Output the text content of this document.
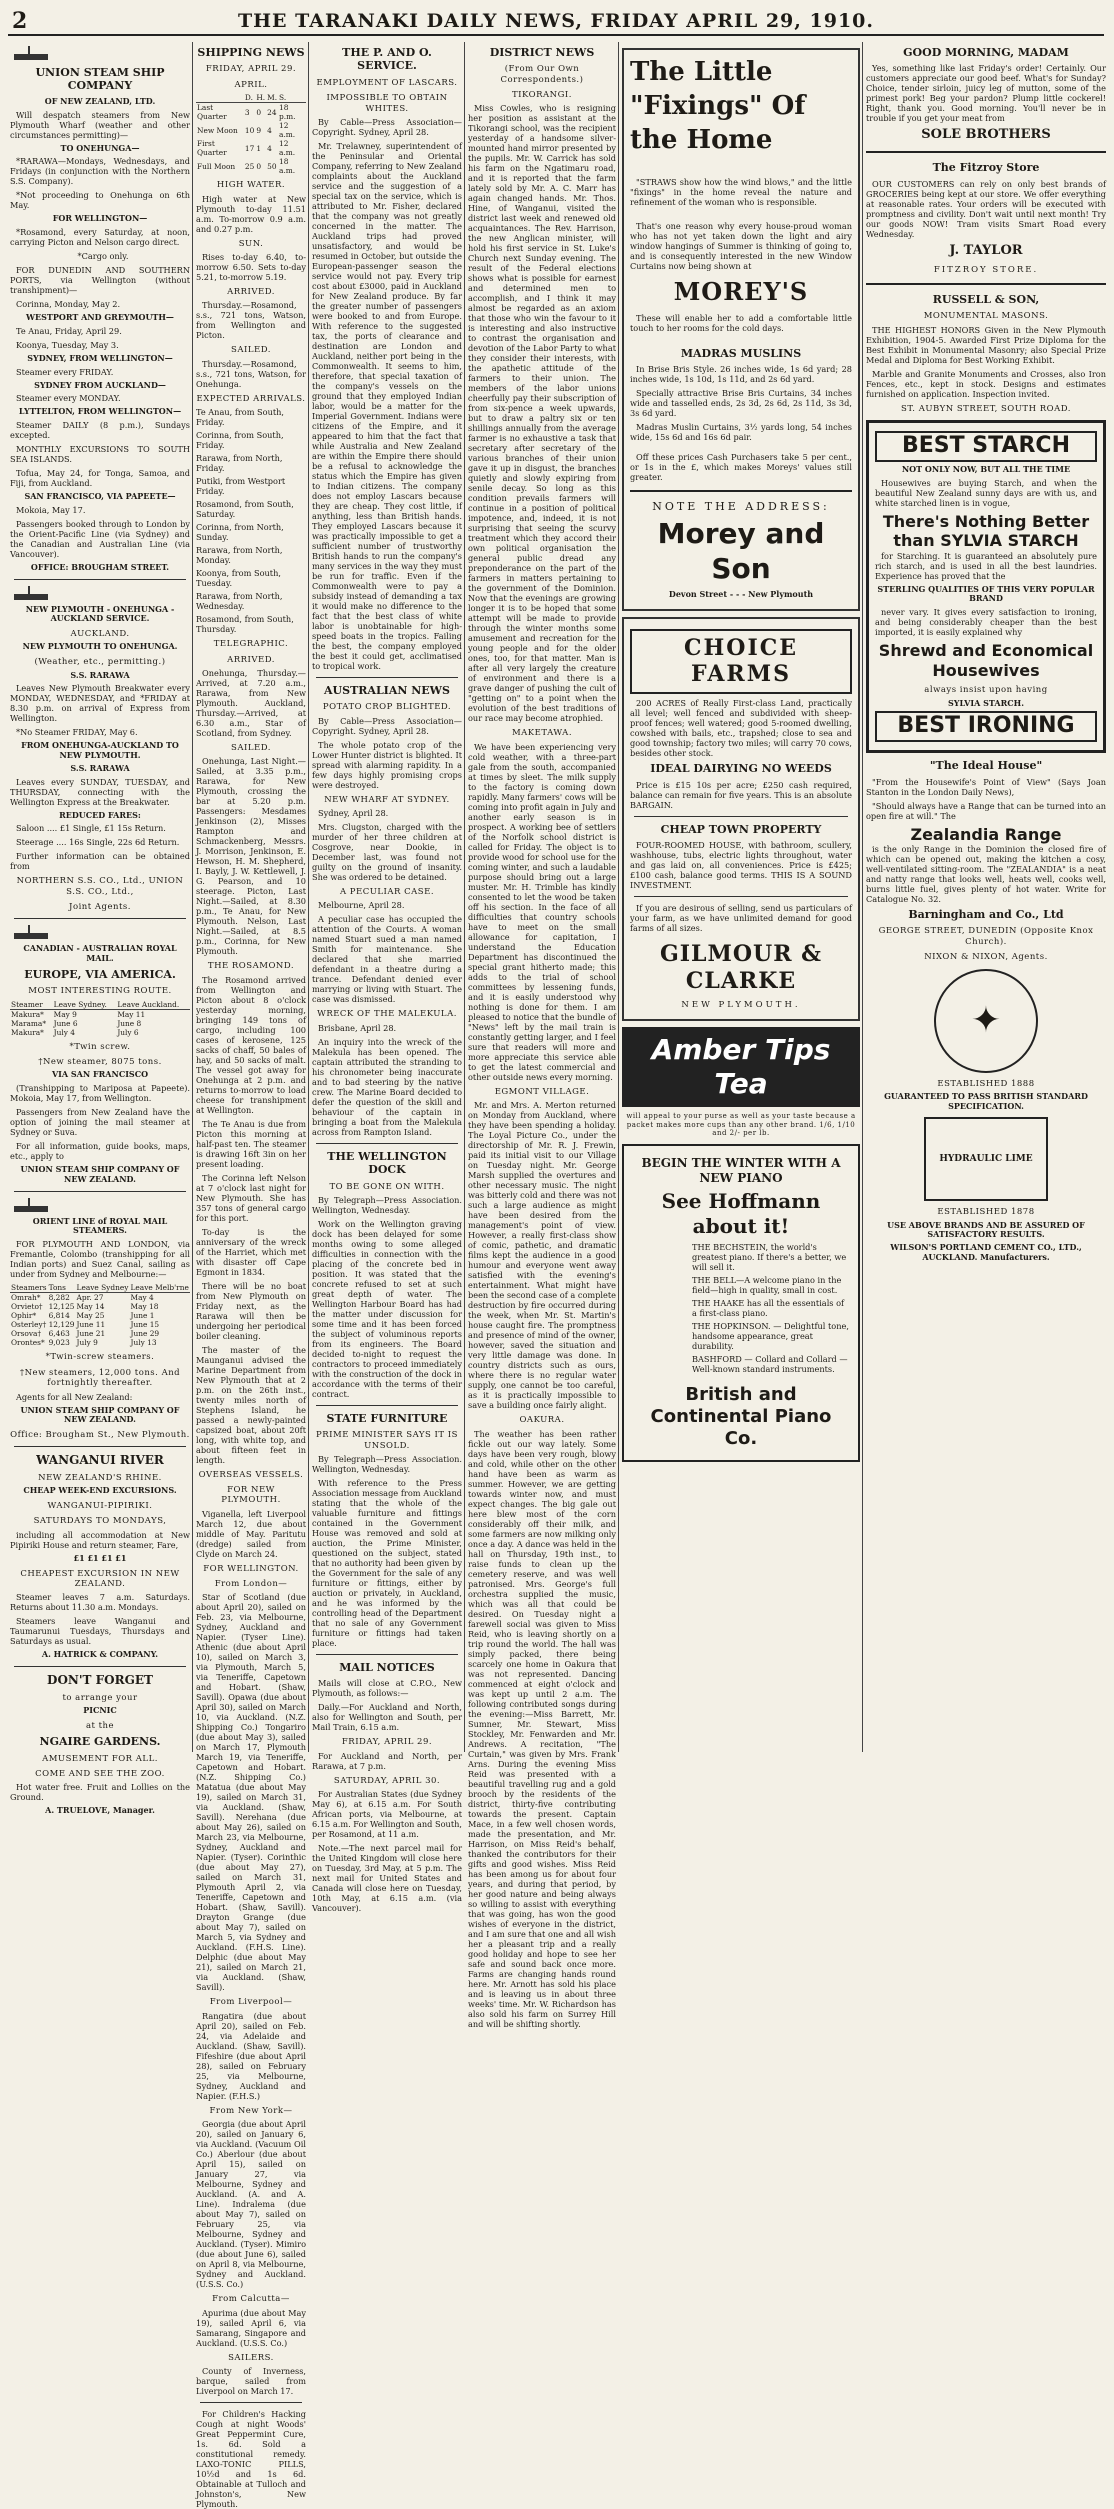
2	THE TARANAKI DAILY NEWS, FRIDAY APRIL 29, 1910.
UNION STEAM SHIP COMPANY
OF NEW ZEALAND, LTD.

Will despatch steamers from New Plymouth Wharf (weather and other circumstances permitting)—

TO ONEHUNGA—

*RARAWA—Mondays, Wednesdays, and Fridays (in conjunction with the Northern S.S. Company).

*Not proceeding to Onehunga on 6th May.

FOR WELLINGTON—

*Rosamond, every Saturday, at noon, carrying Picton and Nelson cargo direct.

*Cargo only.

FOR DUNEDIN AND SOUTHERN PORTS, via Wellington (without transhipment)—

Corinna, Monday, May 2.

WESTPORT AND GREYMOUTH—

Te Anau, Friday, April 29.

Koonya, Tuesday, May 3.

SYDNEY, FROM WELLINGTON—

Steamer every FRIDAY.

SYDNEY FROM AUCKLAND—

Steamer every MONDAY.

LYTTELTON, FROM WELLINGTON—

Steamer DAILY (8 p.m.), Sundays excepted.

MONTHLY EXCURSIONS TO SOUTH SEA ISLANDS.

Tofua, May 24, for Tonga, Samoa, and Fiji, from Auckland.

SAN FRANCISCO, VIA PAPEETE—

Mokoia, May 17.

Passengers booked through to London by the Orient-Pacific Line (via Sydney) and the Canadian and Australian Line (via Vancouver).

OFFICE: BROUGHAM STREET.
NEW PLYMOUTH - ONEHUNGA - AUCKLAND SERVICE.
AUCKLAND.
NEW PLYMOUTH TO ONEHUNGA.
(Weather, etc., permitting.)
S.S. RARAWA

Leaves New Plymouth Breakwater every MONDAY, WEDNESDAY, and *FRIDAY at 8.30 p.m. on arrival of Express from Wellington.

*No Steamer FRIDAY, May 6.

FROM ONEHUNGA-AUCKLAND TO NEW PLYMOUTH.
S.S. RARAWA

Leaves every SUNDAY, TUESDAY, and THURSDAY, connecting with the Wellington Express at the Breakwater.

REDUCED FARES:

Saloon .... £1 Single, £1 15s Return.

Steerage .... 16s Single, 22s 6d Return.

Further information can be obtained from

NORTHERN S.S. CO., Ltd., UNION S.S. CO., Ltd.,
Joint Agents.
CANADIAN - AUSTRALIAN ROYAL MAIL.
EUROPE, VIA AMERICA.
MOST INTERESTING ROUTE.
Steamer	Leave Sydney.	Leave Auckland.
Makura*	May 9	May 11
Marama*	June 6	June 8
Makura*	July 4	July 6
*Twin screw.
†New steamer, 8075 tons.
VIA SAN FRANCISCO

(Transhipping to Mariposa at Papeete). Mokoia, May 17, from Wellington.

Passengers from New Zealand have the option of joining the mail steamer at Sydney or Suva.

For all information, guide books, maps, etc., apply to

UNION STEAM SHIP COMPANY OF NEW ZEALAND.
ORIENT LINE of ROYAL MAIL STEAMERS.

FOR PLYMOUTH AND LONDON, via Fremantle, Colombo (transhipping for all Indian ports) and Suez Canal, sailing as under from Sydney and Melbourne:—

Steamers	Tons	Leave Sydney	Leave Melb'rne
Omrah*	8,282	Apr. 27	May 4
Orvieto†	12,125	May 14	May 18
Ophir*	6,814	May 25	June 1
Osterley†	12,129	June 11	June 15
Orsova†	6,463	June 21	June 29
Orontes*	9,023	July 9	July 13
*Twin-screw steamers.
†New steamers, 12,000 tons. And fortnightly thereafter.

Agents for all New Zealand:

UNION STEAM SHIP COMPANY OF NEW ZEALAND.
Office: Brougham St., New Plymouth.
WANGANUI RIVER
NEW ZEALAND'S RHINE.
CHEAP WEEK-END EXCURSIONS.
WANGANUI-PIPIRIKI.
SATURDAYS TO MONDAYS,

including all accommodation at New Pipiriki House and return steamer, Fare,

£1 £1 £1 £1
CHEAPEST EXCURSION IN NEW ZEALAND.

Steamer leaves 7 a.m. Saturdays. Returns about 11.30 a.m. Mondays.

Steamers leave Wanganui and Taumarunui Tuesdays, Thursdays and Saturdays as usual.

A. HATRICK & COMPANY.
DON'T FORGET
to arrange your
PICNIC
at the
NGAIRE GARDENS.
AMUSEMENT FOR ALL.
COME AND SEE THE ZOO.

Hot water free. Fruit and Lollies on the Ground.

A. TRUELOVE, Manager.
SHIPPING NEWS
FRIDAY, APRIL 29.
APRIL.
	D.	H.	M.	S.
Last Quarter	3	0	24	18 p.m.
New Moon	10	9	4	12 a.m.
First Quarter	17	1	4	12 a.m.
Full Moon	25	0	50	18 a.m.
HIGH WATER.

High water at New Plymouth to-day 11.51 a.m. To-morrow 0.9 a.m. and 0.27 p.m.

SUN.

Rises to-day 6.40, to-morrow 6.50. Sets to-day 5.21, to-morrow 5.19.

ARRIVED.

Thursday.—Rosamond, s.s., 721 tons, Watson, from Wellington and Picton.

SAILED.

Thursday.—Rosamond, s.s., 721 tons, Watson, for Onehunga.

EXPECTED ARRIVALS.
Te Anau, from South, Friday.
Corinna, from South, Friday.
Rarawa, from North, Friday.
Putiki, from Westport Friday.
Rosamond, from South, Saturday.
Corinna, from North, Sunday.
Rarawa, from North, Monday.
Koonya, from South, Tuesday.
Rarawa, from North, Wednesday.
Rosamond, from South, Thursday.
TELEGRAPHIC.
ARRIVED.

Onehunga, Thursday.—Arrived, at 7.20 a.m., Rarawa, from New Plymouth. Auckland, Thursday.—Arrived, at 6.30 a.m., Star of Scotland, from Sydney.

SAILED.

Onehunga, Last Night.—Sailed, at 3.35 p.m., Rarawa, for New Plymouth, crossing the bar at 5.20 p.m. Passengers: Mesdames Jenkinson (2), Misses Rampton and Schmackenberg, Messrs. J. Morrison, Jenkinson, E. Hewson, H. M. Shepherd, I. Bayly, J. W. Kettlewell, J. G. Pearson, and 10 steerage. Picton, Last Night.—Sailed, at 8.30 p.m., Te Anau, for New Plymouth. Nelson, Last Night.—Sailed, at 8.5 p.m., Corinna, for New Plymouth.

THE ROSAMOND.

The Rosamond arrived from Wellington and Picton about 8 o'clock yesterday morning, bringing 149 tons of cargo, including 100 cases of kerosene, 125 sacks of chaff, 50 bales of hay, and 50 sacks of malt. The vessel got away for Onehunga at 2 p.m. and returns to-morrow to load cheese for transhipment at Wellington.

The Te Anau is due from Picton this morning at half-past ten. The steamer is drawing 16ft 3in on her present loading.

The Corinna left Nelson at 7 o'clock last night for New Plymouth. She has 357 tons of general cargo for this port.

To-day is the anniversary of the wreck of the Harriet, which met with disaster off Cape Egmont in 1834.

There will be no boat from New Plymouth on Friday next, as the Rarawa will then be undergoing her periodical boiler cleaning.

The master of the Maunganui advised the Marine Department from New Plymouth that at 2 p.m. on the 26th inst., twenty miles north of Stephens Island, he passed a newly-painted capsized boat, about 20ft long, with white top, and about fifteen feet in length.

OVERSEAS VESSELS.
FOR NEW PLYMOUTH.

Viganella, left Liverpool March 12, due about middle of May. Paritutu (dredge) sailed from Clyde on March 24.

FOR WELLINGTON.
From London—

Star of Scotland (due about April 20), sailed on Feb. 23, via Melbourne, Sydney, Auckland and Napier. (Tyser Line). Athenic (due about April 10), sailed on March 3, via Plymouth, March 5, via Teneriffe, Capetown and Hobart. (Shaw, Savill). Opawa (due about April 30), sailed on March 10, via Auckland. (N.Z. Shipping Co.) Tongariro (due about May 3), sailed on March 17, Plymouth March 19, via Teneriffe, Capetown and Hobart. (N.Z. Shipping Co.) Matatua (due about May 19), sailed on March 31, via Auckland. (Shaw, Savill). Nerehana (due about May 26), sailed on March 23, via Melbourne, Sydney, Auckland and Napier. (Tyser). Corinthic (due about May 27), sailed on March 31, Plymouth April 2, via Teneriffe, Capetown and Hobart. (Shaw, Savill). Drayton Grange (due about May 7), sailed on March 5, via Sydney and Auckland. (F.H.S. Line). Delphic (due about May 21), sailed on March 21, via Auckland. (Shaw, Savill).

From Liverpool—

Rangatira (due about April 20), sailed on Feb. 24, via Adelaide and Auckland. (Shaw, Savill). Fifeshire (due about April 28), sailed on February 25, via Melbourne, Sydney, Auckland and Napier. (F.H.S.)

From New York—

Georgia (due about April 20), sailed on January 6, via Auckland. (Vacuum Oil Co.) Aberlour (due about April 15), sailed on January 27, via Melbourne, Sydney and Auckland. (A. and A. Line). Indralema (due about May 7), sailed on February 25, via Melbourne, Sydney and Auckland. (Tyser). Mimiro (due about June 6), sailed on April 8, via Melbourne, Sydney and Auckland. (U.S.S. Co.)

From Calcutta—

Apurima (due about May 19), sailed April 6, via Samarang, Singapore and Auckland. (U.S.S. Co.)

SAILERS.

County of Inverness, barque, sailed from Liverpool on March 17.

For Children's Hacking Cough at night Woods' Great Peppermint Cure, 1s. 6d. Sold a constitutional remedy. LAXO-TONIC PILLS, 10½d and 1s 6d. Obtainable at Tulloch and Johnston's, New Plymouth.

THE P. AND O. SERVICE.
EMPLOYMENT OF LASCARS.
IMPOSSIBLE TO OBTAIN WHITES.

By Cable—Press Association—Copyright. Sydney, April 28.

Mr. Trelawney, superintendent of the Peninsular and Oriental Company, referring to New Zealand complaints about the Auckland service and the suggestion of a special tax on the service, which is attributed to Mr. Fisher, declared that the company was not greatly concerned in the matter. The Auckland trips had proved unsatisfactory, and would be resumed in October, but outside the European-passenger season the service would not pay. Every trip cost about £3000, paid in Auckland for New Zealand produce. By far the greater number of passengers were booked to and from Europe. With reference to the suggested tax, the ports of clearance and destination are London and Auckland, neither port being in the Commonwealth. It seems to him, therefore, that special taxation of the company's vessels on the ground that they employed Indian labor, would be a matter for the Imperial Government. Indians were citizens of the Empire, and it appeared to him that the fact that while Australia and New Zealand are within the Empire there should be a refusal to acknowledge the status which the Empire has given to Indian citizens. The company does not employ Lascars because they are cheap. They cost little, if anything, less than British hands. They employed Lascars because it was practically impossible to get a sufficient number of trustworthy British hands to run the company's many services in the way they must be run for traffic. Even if the Commonwealth were to pay a subsidy instead of demanding a tax it would make no difference to the fact that the best class of white labor is unobtainable for high-speed boats in the tropics. Failing the best, the company employed the best it could get, acclimatised to tropical work.

AUSTRALIAN NEWS
POTATO CROP BLIGHTED.

By Cable—Press Association—Copyright. Sydney, April 28.

The whole potato crop of the Lower Hunter district is blighted. It spread with alarming rapidity. In a few days highly promising crops were destroyed.

NEW WHARF AT SYDNEY.

Sydney, April 28.

Mrs. Clugston, charged with the murder of her three children at Cosgrove, near Dookie, in December last, was found not guilty on the ground of insanity. She was ordered to be detained.

A PECULIAR CASE.

Melbourne, April 28.

A peculiar case has occupied the attention of the Courts. A woman named Stuart sued a man named Smith for maintenance. She declared that she married defendant in a theatre during a trance. Defendant denied ever marrying or living with Stuart. The case was dismissed.

WRECK OF THE MALEKULA.

Brisbane, April 28.

An inquiry into the wreck of the Malekula has been opened. The captain attributed the stranding to his chronometer being inaccurate and to bad steering by the native crew. The Marine Board decided to defer the question of the skill and behaviour of the captain in bringing a boat from the Malekula across from Rampton Island.

THE WELLINGTON DOCK
TO BE GONE ON WITH.

By Telegraph—Press Association. Wellington, Wednesday.

Work on the Wellington graving dock has been delayed for some months owing to some alleged difficulties in connection with the placing of the concrete bed in position. It was stated that the concrete refused to set at such great depth of water. The Wellington Harbour Board has had the matter under discussion for some time and it has been forced the subject of voluminous reports from its engineers. The Board decided to-night to request the contractors to proceed immediately with the construction of the dock in accordance with the terms of their contract.

STATE FURNITURE
PRIME MINISTER SAYS IT IS UNSOLD.

By Telegraph—Press Association. Wellington, Wednesday.

With reference to the Press Association message from Auckland stating that the whole of the valuable furniture and fittings contained in the Government House was removed and sold at auction, the Prime Minister, questioned on the subject, stated that no authority had been given by the Government for the sale of any furniture or fittings, either by auction or privately, in Auckland, and he was informed by the controlling head of the Department that no sale of any Government furniture or fittings had taken place.

MAIL NOTICES

Mails will close at C.P.O., New Plymouth, as follows:—

Daily.—For Auckland and North, also for Wellington and South, per Mail Train, 6.15 a.m.

FRIDAY, APRIL 29.

For Auckland and North, per Rarawa, at 7 p.m.

SATURDAY, APRIL 30.

For Australian States (due Sydney May 6), at 6.15 a.m. For South African ports, via Melbourne, at 6.15 a.m. For Wellington and South, per Rosamond, at 11 a.m.

Note.—The next parcel mail for the United Kingdom will close here on Tuesday, 3rd May, at 5 p.m. The next mail for United States and Canada will close here on Tuesday, 10th May, at 6.15 a.m. (via Vancouver).

DISTRICT NEWS
(From Our Own Correspondents.)
TIKORANGI.

Miss Cowles, who is resigning her position as assistant at the Tikorangi school, was the recipient yesterday of a handsome silver-mounted hand mirror presented by the pupils. Mr. W. Carrick has sold his farm on the Ngatimaru road, and it is reported that the farm lately sold by Mr. A. C. Marr has again changed hands. Mr. Thos. Hine, of Wanganui, visited the district last week and renewed old acquaintances. The Rev. Harrison, the new Anglican minister, will hold his first service in St. Luke's Church next Sunday evening. The result of the Federal elections shows what is possible for earnest and determined men to accomplish, and I think it may almost be regarded as an axiom that those who win the favour to it is interesting and also instructive to contrast the organisation and devotion of the Labor Party to what they consider their interests, with the apathetic attitude of the farmers to their union. The members of the labor unions cheerfully pay their subscription of from six-pence a week upwards, but to draw a paltry six or ten shillings annually from the average farmer is no exhaustive a task that secretary after secretary of the various branches of their union gave it up in disgust, the branches quietly and slowly expiring from senile decay. So long as this condition prevails farmers will continue in a position of political impotence, and, indeed, it is not surprising that seeing the scurvy treatment which they accord their own political organisation the general public dread any preponderance on the part of the farmers in matters pertaining to the government of the Dominion. Now that the evenings are growing longer it is to be hoped that some attempt will be made to provide through the winter months some amusement and recreation for the young people and for the older ones, too, for that matter. Man is after all very largely the creature of environment and there is a grave danger of pushing the cult of "getting on" to a point when the evolution of the best traditions of our race may become atrophied.

MAKETAWA.

We have been experiencing very cold weather, with a three-part gale from the south, accompanied at times by sleet. The milk supply to the factory is coming down rapidly. Many farmers' cows will be coming into profit again in July and another early season is in prospect. A working bee of settlers of the Norfolk school district is called for Friday. The object is to provide wood for school use for the coming winter, and such a laudable purpose should bring out a large muster. Mr. H. Trimble has kindly consented to let the wood be taken off his section. In the face of all difficulties that country schools have to meet on the small allowance for capitation, I understand the Education Department has discontinued the special grant hitherto made; this adds to the trial of school committees by lessening funds, and it is easily understood why nothing is done for them. I am pleased to notice that the bundle of "News" left by the mail train is constantly getting larger, and I feel sure that readers will more and more appreciate this service able to get the latest commercial and other outside news every morning.

EGMONT VILLAGE.

Mr. and Mrs. A. Merton returned on Monday from Auckland, where they have been spending a holiday. The Loyal Picture Co., under the directorship of Mr. R. J. Frewin, paid its initial visit to our Village on Tuesday night. Mr. George Marsh supplied the overtures and other necessary music. The night was bitterly cold and there was not such a large audience as might have been desired from the management's point of view. However, a really first-class show of comic, pathetic, and dramatic films kept the audience in a good humour and everyone went away satisfied with the evening's entertainment. What might have been the second case of a complete destruction by fire occurred during the week, when Mr. St. Martin's house caught fire. The promptness and presence of mind of the owner, however, saved the situation and very little damage was done. In country districts such as ours, where there is no regular water supply, one cannot be too careful, as it is practically impossible to save a building once fairly alight.

OAKURA.

The weather has been rather fickle out our way lately. Some days have been very rough, blowy and cold, while other on the other hand have been as warm as summer. However, we are getting towards winter now, and must expect changes. The big gale out here blew most of the corn considerably off their milk, and some farmers are now milking only once a day. A dance was held in the hall on Thursday, 19th inst., to raise funds to clean up the cemetery reserve, and was well patronised. Mrs. George's full orchestra supplied the music, which was all that could be desired. On Tuesday night a farewell social was given to Miss Reid, who is leaving shortly on a trip round the world. The hall was simply packed, there being scarcely one home in Oakura that was not represented. Dancing commenced at eight o'clock and was kept up until 2 a.m. The following contributed songs during the evening:—Miss Barrett, Mr. Sumner, Mr. Stewart, Miss Stockley, Mr. Fenwarden and Mr. Andrews. A recitation, "The Curtain," was given by Mrs. Frank Arns. During the evening Miss Reid was presented with a beautiful travelling rug and a gold brooch by the residents of the district, thirty-five contributing towards the present. Captain Mace, in a few well chosen words, made the presentation, and Mr. Harrison, on Miss Reid's behalf, thanked the contributors for their gifts and good wishes. Miss Reid has been among us for about four years, and during that period, by her good nature and being always so willing to assist with everything that was going, has won the good wishes of everyone in the district, and I am sure that one and all wish her a pleasant trip and a really good holiday and hope to see her safe and sound back once more. Farms are changing hands round here. Mr. Arnott has sold his place and is leaving us in about three weeks' time. Mr. W. Richardson has also sold his farm on Surrey Hill and will be shifting shortly.

The Little "Fixings" Of the Home

"STRAWS show how the wind blows," and the little "fixings" in the home reveal the nature and refinement of the woman who is responsible.

That's one reason why every house-proud woman who has not yet taken down the light and airy window hangings of Summer is thinking of going to, and is consequently interested in the new Window Curtains now being shown at

MOREY'S

These will enable her to add a comfortable little touch to her rooms for the cold days.

MADRAS MUSLINS

In Brise Bris Style. 26 inches wide, 1s 6d yard; 28 inches wide, 1s 10d, 1s 11d, and 2s 6d yard.

Specially attractive Brise Bris Curtains, 34 inches wide and tasselled ends, 2s 3d, 2s 6d, 2s 11d, 3s 3d, 3s 6d yard.

Madras Muslin Curtains, 3½ yards long, 54 inches wide, 15s 6d and 16s 6d pair.

Off these prices Cash Purchasers take 5 per cent., or 1s in the £, which makes Moreys' values still greater.

NOTE THE ADDRESS:
Morey and Son
Devon Street - - - New Plymouth
CHOICE FARMS

200 ACRES of Really First-class Land, practically all level; well fenced and subdivided with sheep-proof fences; well watered; good 5-roomed dwelling, cowshed with bails, etc., trapshed; close to sea and good township; factory two miles; will carry 70 cows, besides other stock.

IDEAL DAIRYING NO WEEDS

Price is £15 10s per acre; £250 cash required, balance can remain for five years. This is an absolute BARGAIN.

CHEAP TOWN PROPERTY

FOUR-ROOMED HOUSE, with bathroom, scullery, washhouse, tubs, electric lights throughout, water and gas laid on, all conveniences. Price is £425; £100 cash, balance good terms. THIS IS A SOUND INVESTMENT.

If you are desirous of selling, send us particulars of your farm, as we have unlimited demand for good farms of all sizes.

GILMOUR & CLARKE
NEW PLYMOUTH.
Amber Tips Tea
will appeal to your purse as well as your taste because a packet makes more cups than any other brand. 1/6, 1/10 and 2/- per lb.
BEGIN THE WINTER WITH A NEW PIANO
See Hoffmann about it!
THE BECHSTEIN, the world's greatest piano. If there's a better, we will sell it.
THE BELL—A welcome piano in the field—high in quality, small in cost.
THE HAAKE has all the essentials of a first-class piano.
THE HOPKINSON. — Delightful tone, handsome appearance, great durability.
BASHFORD — Collard and Collard — Well-known standard instruments.
British and Continental Piano Co.
GOOD MORNING, MADAM

Yes, something like last Friday's order! Certainly. Our customers appreciate our good beef. What's for Sunday? Choice, tender sirloin, juicy leg of mutton, some of the primest pork! Beg your pardon? Plump little cockerel! Right, thank you. Good morning. You'll never be in trouble if you get your meat from

SOLE BROTHERS
The Fitzroy Store

OUR CUSTOMERS can rely on only best brands of GROCERIES being kept at our store. We offer everything at reasonable rates. Your orders will be executed with promptness and civility. Don't wait until next month! Try our goods NOW! Tram visits Smart Road every Wednesday.

J. TAYLOR
FITZROY STORE.
RUSSELL & SON,
MONUMENTAL MASONS.

THE HIGHEST HONORS Given in the New Plymouth Exhibition, 1904-5. Awarded First Prize Diploma for the Best Exhibit in Monumental Masonry; also Special Prize Medal and Diploma for Best Working Exhibit.

Marble and Granite Monuments and Crosses, also Iron Fences, etc., kept in stock. Designs and estimates furnished on application. Inspection invited.

ST. AUBYN STREET, SOUTH ROAD.
BEST STARCH
NOT ONLY NOW, BUT ALL THE TIME

Housewives are buying Starch, and when the beautiful New Zealand sunny days are with us, and white starched linen is in vogue,

There's Nothing Better than SYLVIA STARCH

for Starching. It is guaranteed an absolutely pure rich starch, and is used in all the best laundries. Experience has proved that the

STERLING QUALITIES OF THIS VERY POPULAR BRAND

never vary. It gives every satisfaction to ironing, and being considerably cheaper than the best imported, it is easily explained why

Shrewd and Economical Housewives
always insist upon having
SYLVIA STARCH.
BEST IRONING
"The Ideal House"

"From the Housewife's Point of View" (Says Joan Stanton in the London Daily News),

"Should always have a Range that can be turned into an open fire at will." The

Zealandia Range

is the only Range in the Dominion the closed fire of which can be opened out, making the kitchen a cosy, well-ventilated sitting-room. The "ZEALANDIA" is a neat and natty range that looks well, heats well, cooks well, burns little fuel, gives plenty of hot water. Write for Catalogue No. 32.

Barningham and Co., Ltd
GEORGE STREET, DUNEDIN (Opposite Knox Church).
NIXON & NIXON, Agents.
✦
ESTABLISHED 1888
GUARANTEED TO PASS BRITISH STANDARD SPECIFICATION.
HYDRAULIC LIME
ESTABLISHED 1878
USE ABOVE BRANDS AND BE ASSURED OF SATISFACTORY RESULTS.
WILSON'S PORTLAND CEMENT CO., LTD., AUCKLAND. Manufacturers.
